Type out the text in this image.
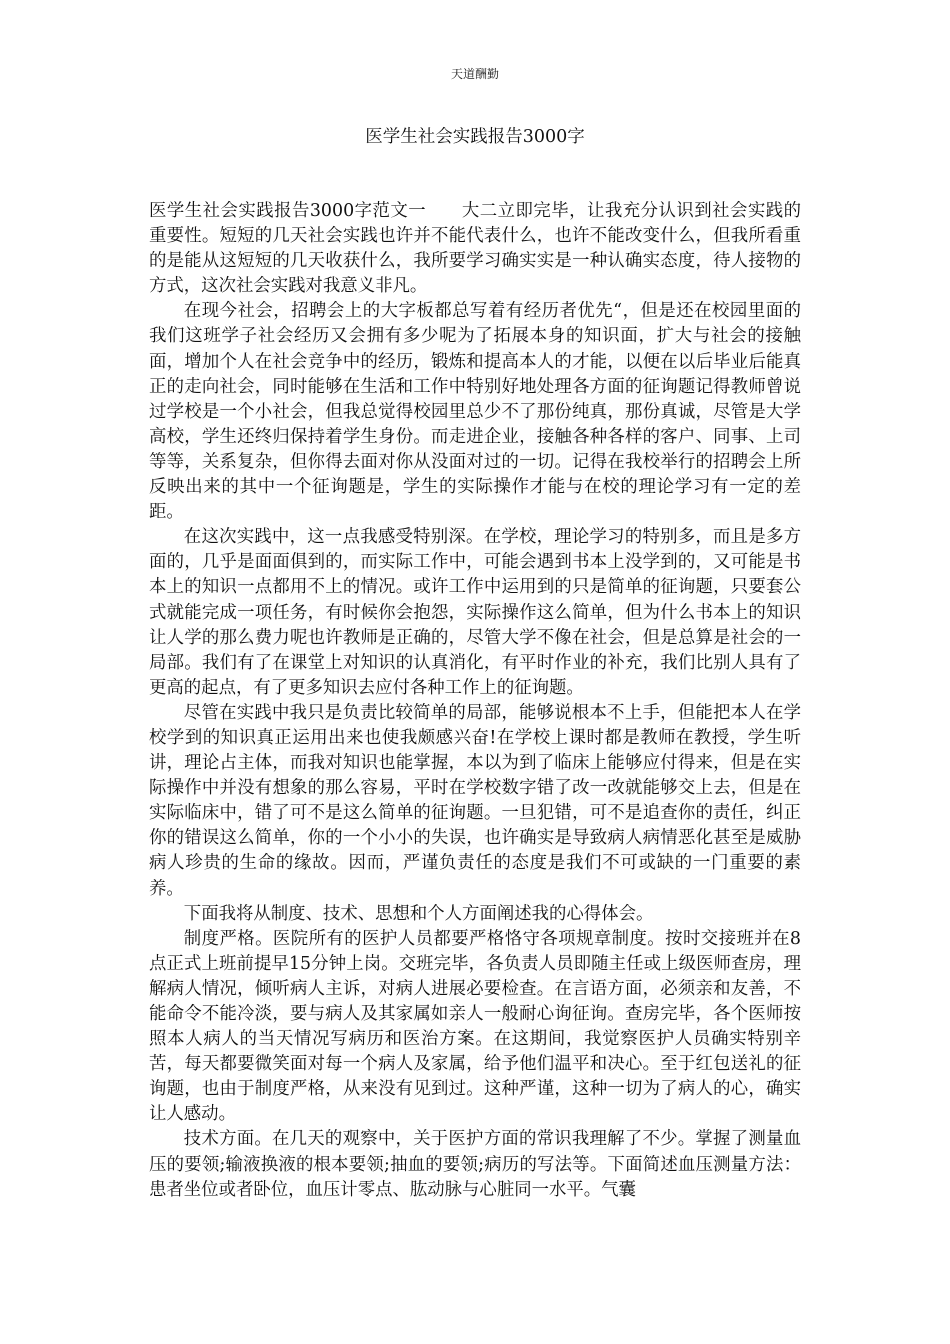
天道酬勤
医学生社会实践报告3000字

医学生社会实践报告3000字范文一　　大二立即完毕，让我充分认识到社会实践的重要性。短短的几天社会实践也许并不能代表什么，也许不能改变什么，但我所看重的是能从这短短的几天收获什么，我所要学习确实实是一种认确实态度，待人接物的方式，这次社会实践对我意义非凡。

在现今社会，招聘会上的大字板都总写着有经历者优先“，但是还在校园里面的我们这班学子社会经历又会拥有多少呢为了拓展本身的知识面，扩大与社会的接触面，增加个人在社会竞争中的经历，锻炼和提高本人的才能，以便在以后毕业后能真正的走向社会，同时能够在生活和工作中特别好地处理各方面的征询题记得教师曾说过学校是一个小社会，但我总觉得校园里总少不了那份纯真，那份真诚，尽管是大学高校，学生还终归保持着学生身份。而走进企业，接触各种各样的客户、同事、上司等等，关系复杂，但你得去面对你从没面对过的一切。记得在我校举行的招聘会上所反映出来的其中一个征询题是，学生的实际操作才能与在校的理论学习有一定的差距。

在这次实践中，这一点我感受特别深。在学校，理论学习的特别多，而且是多方面的，几乎是面面俱到的，而实际工作中，可能会遇到书本上没学到的，又可能是书本上的知识一点都用不上的情况。或许工作中运用到的只是简单的征询题，只要套公式就能完成一项任务，有时候你会抱怨，实际操作这么简单，但为什么书本上的知识让人学的那么费力呢也许教师是正确的，尽管大学不像在社会，但是总算是社会的一局部。我们有了在课堂上对知识的认真消化，有平时作业的补充，我们比别人具有了更高的起点，有了更多知识去应付各种工作上的征询题。

尽管在实践中我只是负责比较简单的局部，能够说根本不上手，但能把本人在学校学到的知识真正运用出来也使我颇感兴奋!在学校上课时都是教师在教授，学生听讲，理论占主体，而我对知识也能掌握，本以为到了临床上能够应付得来，但是在实际操作中并没有想象的那么容易，平时在学校数字错了改一改就能够交上去，但是在实际临床中，错了可不是这么简单的征询题。一旦犯错，可不是追查你的责任，纠正你的错误这么简单，你的一个小小的失误，也许确实是导致病人病情恶化甚至是威胁病人珍贵的生命的缘故。因而，严谨负责任的态度是我们不可或缺的一门重要的素养。

下面我将从制度、技术、思想和个人方面阐述我的心得体会。

制度严格。医院所有的医护人员都要严格恪守各项规章制度。按时交接班并在8点正式上班前提早15分钟上岗。交班完毕，各负责人员即随主任或上级医师查房，理解病人情况，倾听病人主诉，对病人进展必要检查。在言语方面，必须亲和友善，不能命令不能冷淡，要与病人及其家属如亲人一般耐心询征询。查房完毕，各个医师按照本人病人的当天情况写病历和医治方案。在这期间，我觉察医护人员确实特别辛苦，每天都要微笑面对每一个病人及家属，给予他们温平和决心。至于红包送礼的征询题，也由于制度严格，从来没有见到过。这种严谨，这种一切为了病人的心，确实让人感动。

技术方面。在几天的观察中，关于医护方面的常识我理解了不少。掌握了测量血压的要领;输液换液的根本要领;抽血的要领;病历的写法等。下面简述血压测量方法：患者坐位或者卧位，血压计零点、肱动脉与心脏同一水平。气囊
